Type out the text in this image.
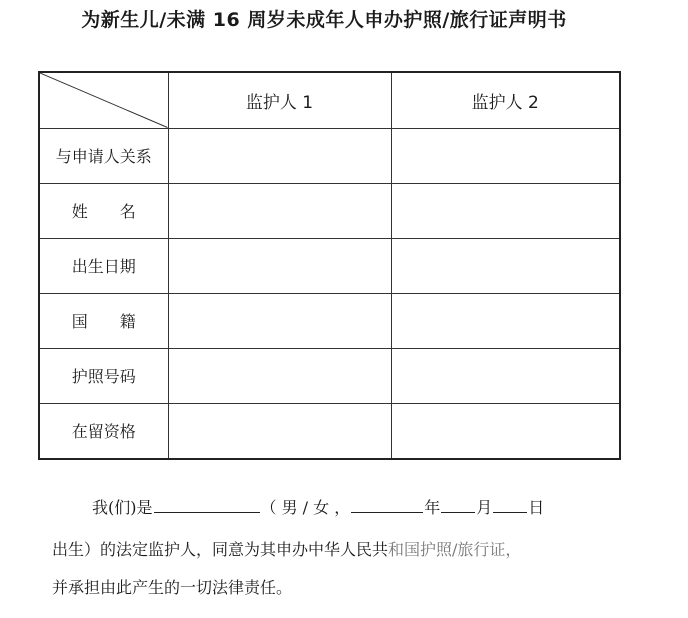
为新生儿/未满 16 周岁未成年人申办护照/旅行证声明书
	监护人 1	监护人 2
与申请人关系		
姓　　名		
出生日期		
国　　籍		
护照号码		
在留资格		
我(们)是	（ 男 / 女 ，	年 月 日
出生）的法定监护人，同意为其申办中华人民共和国护照/旅行证，
并承担由此产生的一切法律责任。
